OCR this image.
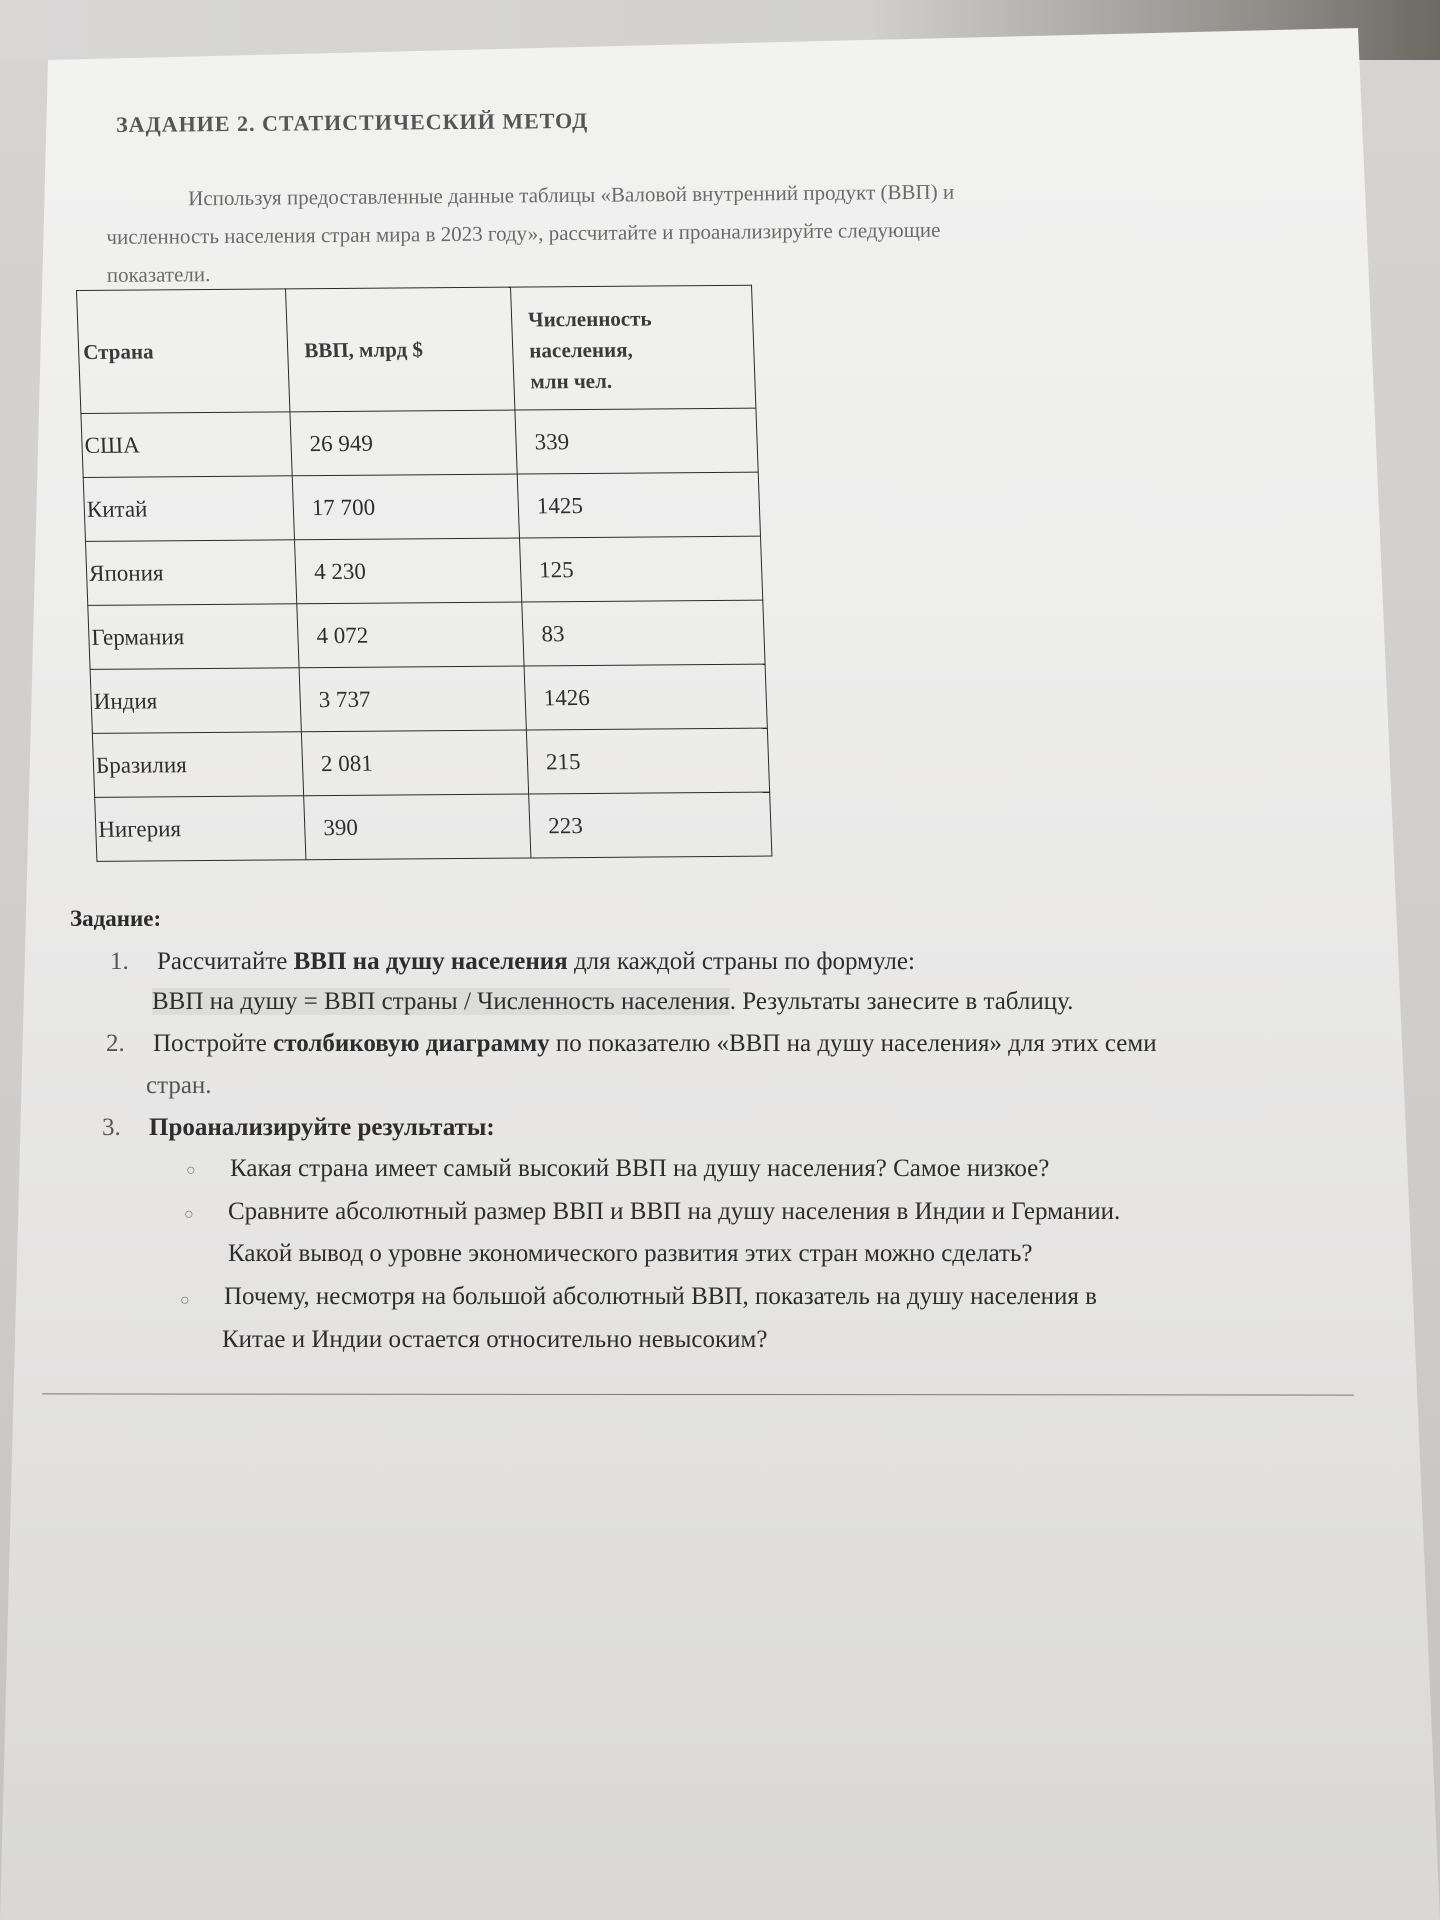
ЗАДАНИЕ 2. СТАТИСТИЧЕСКИЙ МЕТОД
Используя предоставленные данные таблицы «Валовой внутренний продукт (ВВП) и
численность населения стран мира в 2023 году», рассчитайте и проанализируйте следующие
показатели.
Страна	ВВП, млрд $	Численность
населения,
млн чел.
США	26 949	339
Китай	17 700	1425
Япония	4 230	125
Германия	4 072	83
Индия	3 737	1426
Бразилия	2 081	215
Нигерия	390	223
Задание:
1. Рассчитайте ВВП на душу населения для каждой страны по формуле:
ВВП на душу = ВВП страны / Численность населения. Результаты занесите в таблицу.
2. Постройте столбиковую диаграмму по показателю «ВВП на душу населения» для этих семи
стран.
3. Проанализируйте результаты:
○ Какая страна имеет самый высокий ВВП на душу населения? Самое низкое?
○ Сравните абсолютный размер ВВП и ВВП на душу населения в Индии и Германии.
Какой вывод о уровне экономического развития этих стран можно сделать?
○ Почему, несмотря на большой абсолютный ВВП, показатель на душу населения в
Китае и Индии остается относительно невысоким?
